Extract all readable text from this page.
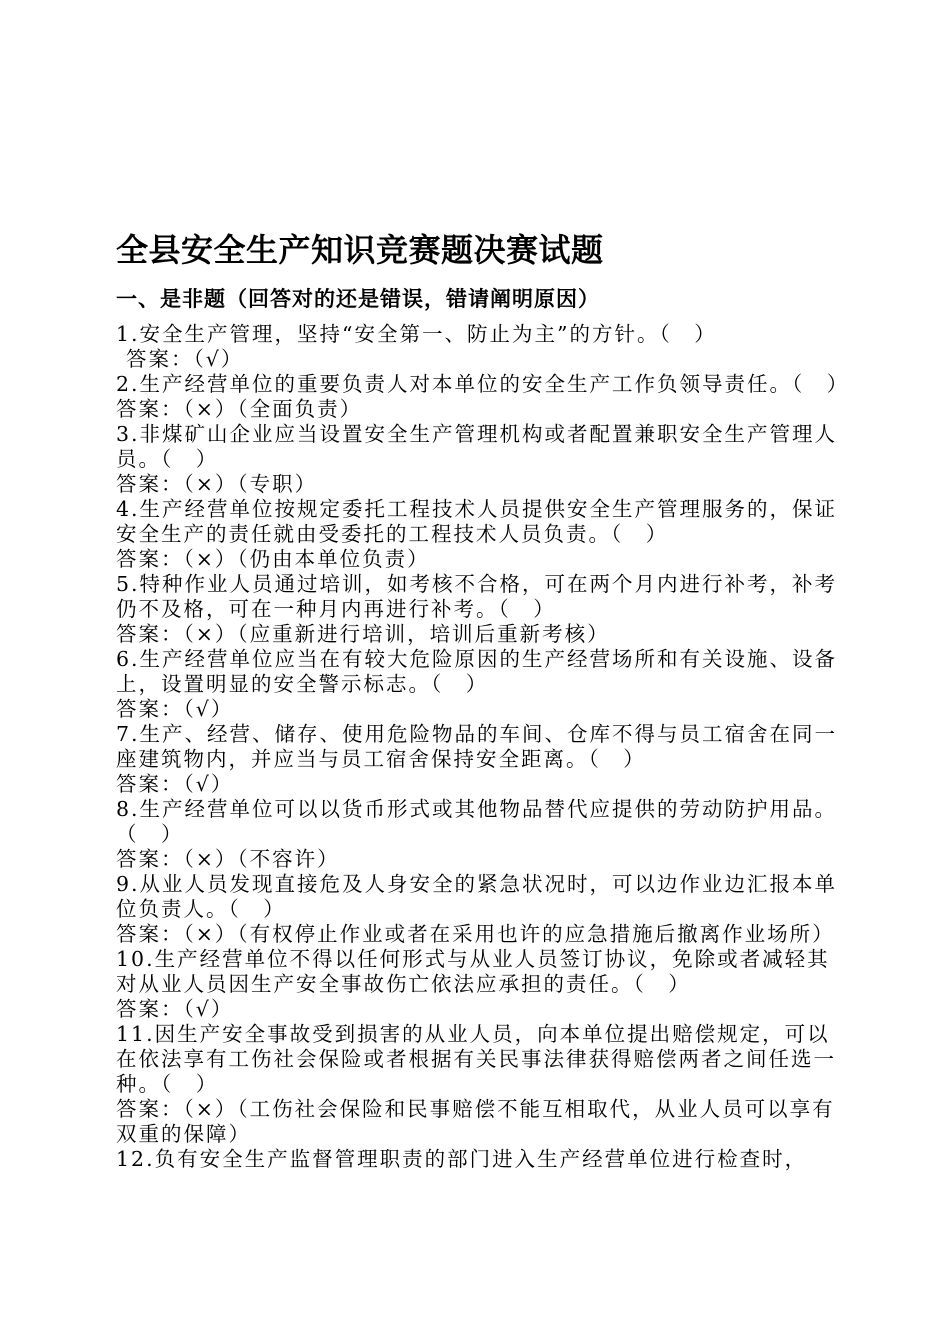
全县安全生产知识竞赛题决赛试题
一、是非题（回答对的还是错误，错请阐明原因）
1.安全生产管理，坚持“安全第一、防止为主”的方针。（　）
答案：（√）
2.生产经营单位的重要负责人对本单位的安全生产工作负领导责任。（　）
答案：（×）（全面负责）
3.非煤矿山企业应当设置安全生产管理机构或者配置兼职安全生产管理人员。（　）
答案：（×）（专职）
4.生产经营单位按规定委托工程技术人员提供安全生产管理服务的，保证安全生产的责任就由受委托的工程技术人员负责。（　）
答案：（×）（仍由本单位负责）
5.特种作业人员通过培训，如考核不合格，可在两个月内进行补考，补考仍不及格，可在一种月内再进行补考。（　）
答案：（×）（应重新进行培训，培训后重新考核）
6.生产经营单位应当在有较大危险原因的生产经营场所和有关设施、设备上，设置明显的安全警示标志。（　）
答案：（√）
7.生产、经营、储存、使用危险物品的车间、仓库不得与员工宿舍在同一座建筑物内，并应当与员工宿舍保持安全距离。（　）
答案：（√）
8.生产经营单位可以以货币形式或其他物品替代应提供的劳动防护用品。（　）
答案：（×）（不容许）
9.从业人员发现直接危及人身安全的紧急状况时，可以边作业边汇报本单位负责人。（　）
答案：（×）（有权停止作业或者在采用也许的应急措施后撤离作业场所）
10.生产经营单位不得以任何形式与从业人员签订协议，免除或者减轻其对从业人员因生产安全事故伤亡依法应承担的责任。（　）
答案：（√）
11.因生产安全事故受到损害的从业人员，向本单位提出赔偿规定，可以在依法享有工伤社会保险或者根据有关民事法律获得赔偿两者之间任选一种。（　）
答案：（×）（工伤社会保险和民事赔偿不能互相取代，从业人员可以享有双重的保障）
12.负有安全生产监督管理职责的部门进入生产经营单位进行检查时，
